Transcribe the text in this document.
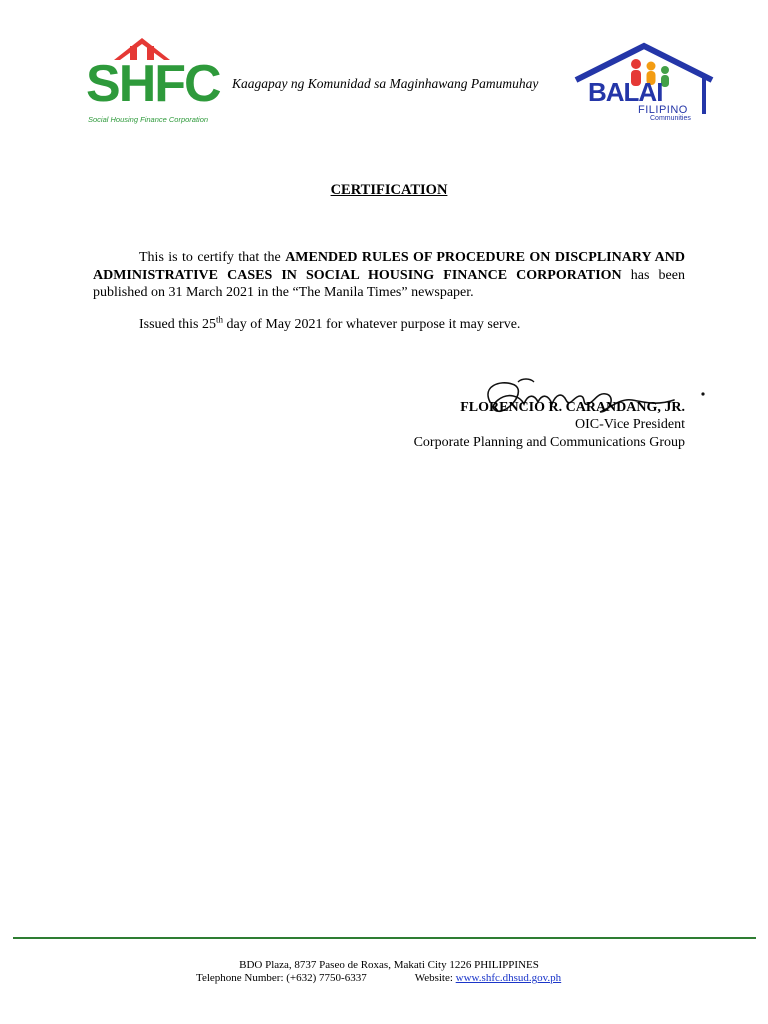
SHFC
Social Housing Finance Corporation
Kaagapay ng Komunidad sa Maginhawang Pamumuhay BALAI
FILIPINO
Communities
CERTIFICATION
This is to certify that the AMENDED RULES OF PROCEDURE ON DISCPLINARY AND ADMINISTRATIVE CASES IN SOCIAL HOUSING FINANCE CORPORATION has been published on 31 March 2021 in the “The Manila Times” newspaper.
Issued this 25th day of May 2021 for whatever purpose it may serve.
FLORENCIO R. CARANDANG, JR.
OIC-Vice President
Corporate Planning and Communications Group
BDO Plaza, 8737 Paseo de Roxas, Makati City 1226 PHILIPPINES
Telephone Number: (+632) 7750-6337	Website: www.shfc.dhsud.gov.ph
